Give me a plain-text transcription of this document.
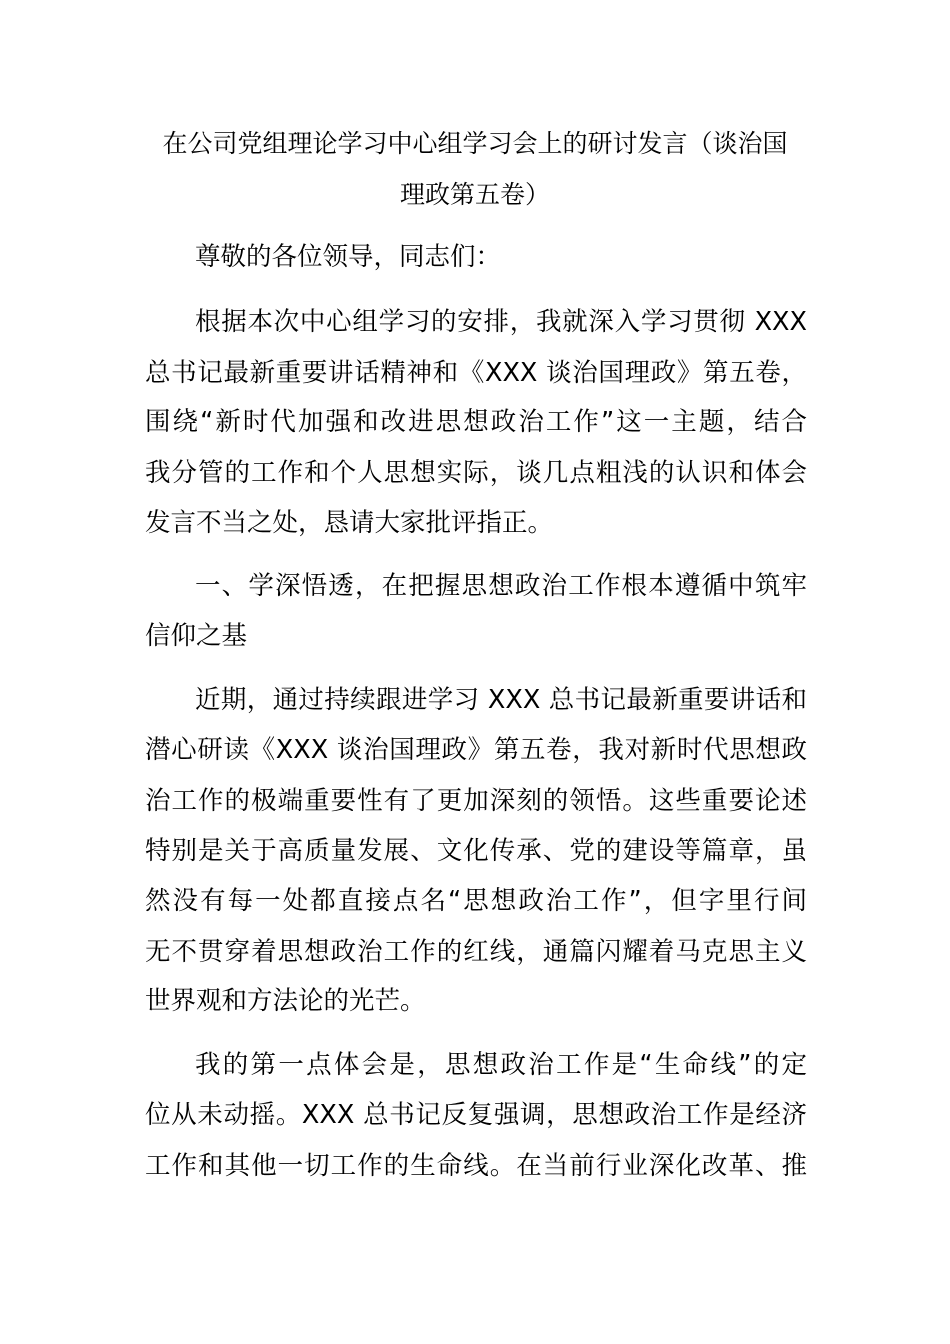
在公司党组理论学习中心组学习会上的研讨发言（谈治国
理政第五卷）
尊敬的各位领导，同志们：
根据本次中心组学习的安排，我就深入学习贯彻 XXX
总书记最新重要讲话精神和《XXX 谈治国理政》第五卷，
围绕“新时代加强和改进思想政治工作”这一主题，结合
我分管的工作和个人思想实际，谈几点粗浅的认识和体会
发言不当之处，恳请大家批评指正。
一、学深悟透，在把握思想政治工作根本遵循中筑牢
信仰之基
近期，通过持续跟进学习 XXX 总书记最新重要讲话和
潜心研读《XXX 谈治国理政》第五卷，我对新时代思想政
治工作的极端重要性有了更加深刻的领悟。这些重要论述
特别是关于高质量发展、文化传承、党的建设等篇章，虽
然没有每一处都直接点名“思想政治工作”，但字里行间
无不贯穿着思想政治工作的红线，通篇闪耀着马克思主义
世界观和方法论的光芒。
我的第一点体会是，思想政治工作是“生命线”的定
位从未动摇。XXX 总书记反复强调，思想政治工作是经济
工作和其他一切工作的生命线。在当前行业深化改革、推
